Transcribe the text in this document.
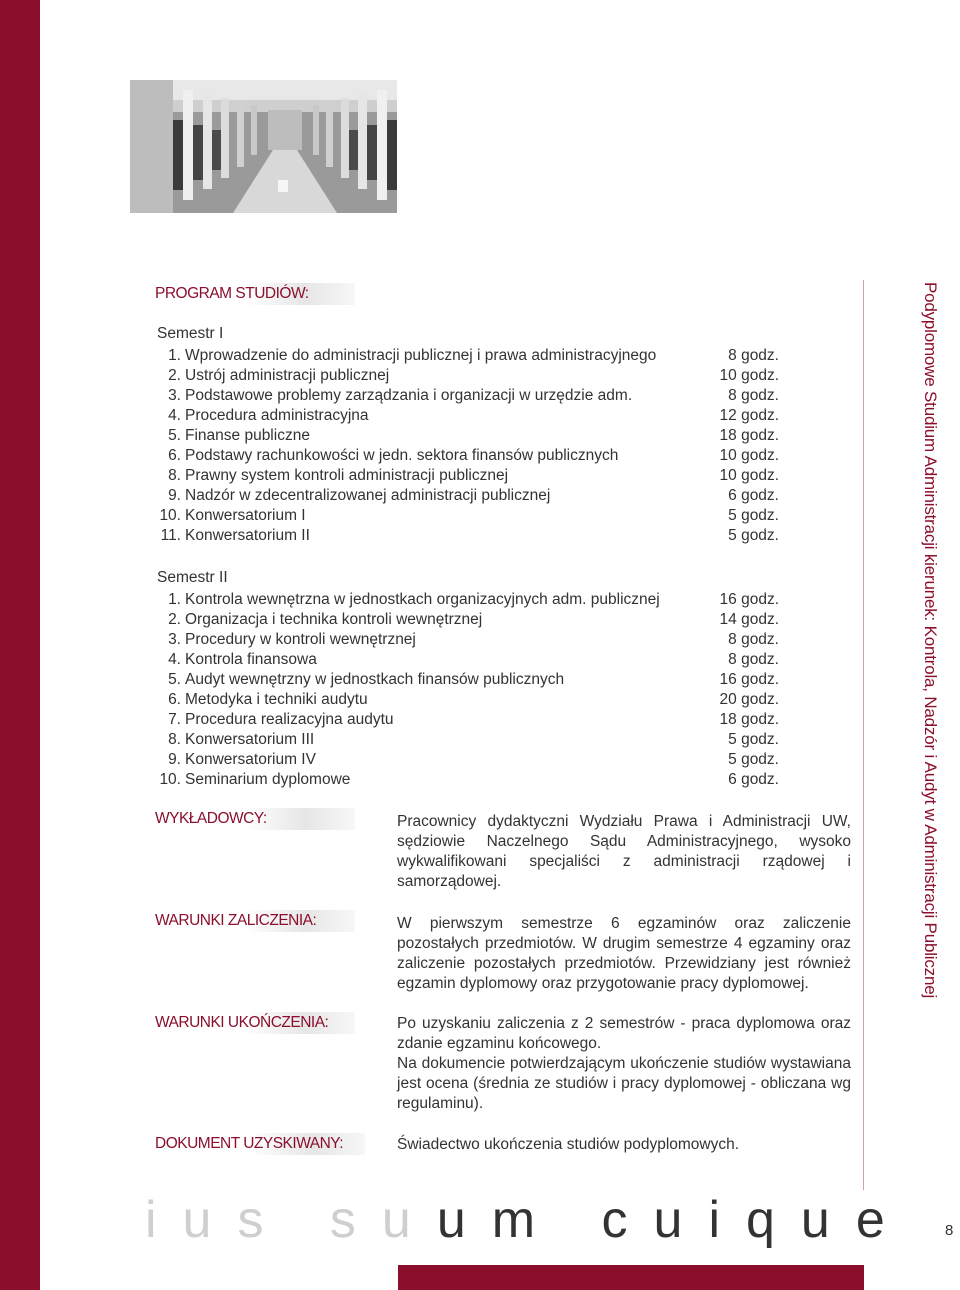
Podyplomowe Studium Administracji kierunek: Kontrola, Nadzór i Audyt w Administracji Publicznej
PROGRAM STUDIÓW:
Semestr I
1. Wprowadzenie do administracji publicznej i prawa administracyjnego	8 godz.
2. Ustrój administracji publicznej	10 godz.
3. Podstawowe problemy zarządzania i organizacji w urzędzie adm.	8 godz.
4. Procedura administracyjna	12 godz.
5. Finanse publiczne	18 godz.
6. Podstawy rachunkowości w jedn. sektora finansów publicznych	10 godz.
8. Prawny system kontroli administracji publicznej	10 godz.
9. Nadzór w zdecentralizowanej administracji publicznej	6 godz.
10. Konwersatorium I	5 godz.
11. Konwersatorium II	5 godz.
Semestr II
1. Kontrola wewnętrzna w jednostkach organizacyjnych adm. publicznej	16 godz.
2. Organizacja i technika kontroli wewnętrznej	14 godz.
3. Procedury w kontroli wewnętrznej	8 godz.
4. Kontrola finansowa	8 godz.
5. Audyt wewnętrzny w jednostkach finansów publicznych	16 godz.
6. Metodyka i techniki audytu	20 godz.
7. Procedura realizacyjna audytu	18 godz.
8. Konwersatorium III	5 godz.
9. Konwersatorium IV	5 godz.
10. Seminarium dyplomowe	6 godz.
WYKŁADOWCY:	Pracownicy dydaktyczni Wydziału Prawa i Administracji UW, sędziowie Naczelnego Sądu Administracyjnego, wysoko wykwalifikowani specjaliści z administracji rządowej i samorządowej.
WARUNKI ZALICZENIA:	W pierwszym semestrze 6 egzaminów oraz zaliczenie pozostałych przedmiotów. W drugim semestrze 4 egzaminy oraz zaliczenie pozostałych przedmiotów. Przewidziany jest również egzamin dyplomowy oraz przygotowanie pracy dyplomowej.
WARUNKI UKOŃCZENIA:	Po uzyskaniu zaliczenia z 2 semestrów - praca dyplomowa oraz zdanie egzaminu końcowego.
Na dokumencie potwierdzającym ukończenie studiów wystawiana jest ocena (średnia ze studiów i pracy dyplomowej - obliczana wg regulaminu).
DOKUMENT UZYSKIWANY:	Świadectwo ukończenia studiów podyplomowych.
ius suum cuique 8
